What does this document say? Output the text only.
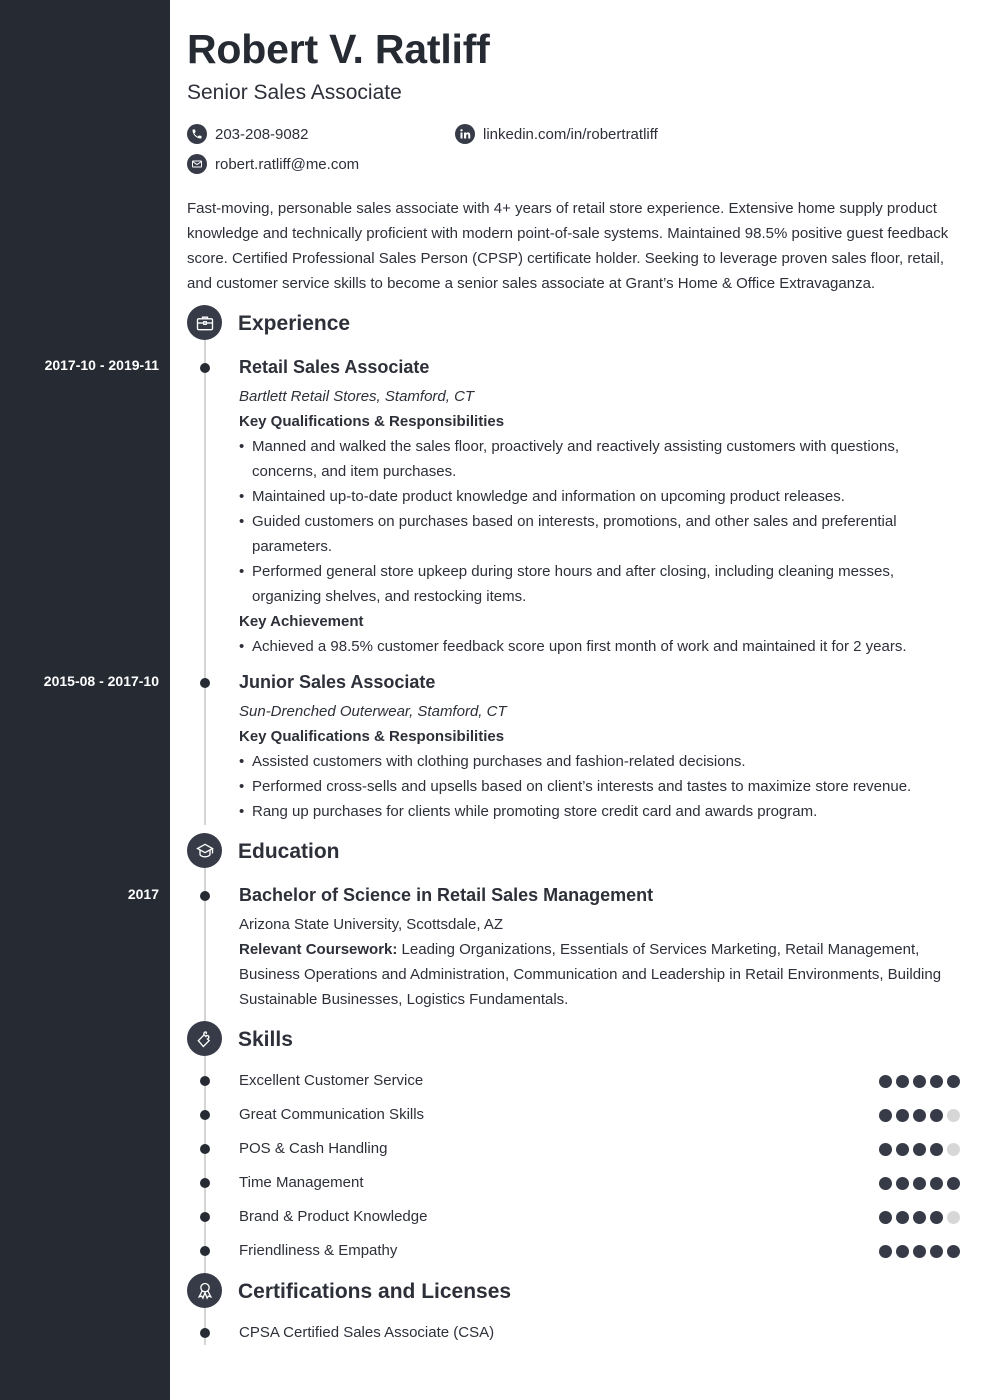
Robert V. Ratliff
Senior Sales Associate
203-208-9082	linkedin.com/in/robertratliff
robert.ratliff@me.com

Fast-moving, personable sales associate with 4+ years of retail store experience. Extensive home supply product knowledge and technically proficient with modern point-of-sale systems. Maintained 98.5% positive guest feedback score. Certified Professional Sales Person (CPSP) certificate holder. Seeking to leverage proven sales floor, retail, and customer service skills to become a senior sales associate at Grant’s Home & Office Extravaganza.

Experience
2017-10 - 2019-11	Retail Sales Associate
Bartlett Retail Stores, Stamford, CT
Key Qualifications & Responsibilities
• Manned and walked the sales floor, proactively and reactively assisting customers with questions, concerns, and item purchases.
• Maintained up-to-date product knowledge and information on upcoming product releases.
• Guided customers on purchases based on interests, promotions, and other sales and preferential parameters.
• Performed general store upkeep during store hours and after closing, including cleaning messes, organizing shelves, and restocking items.
Key Achievement
• Achieved a 98.5% customer feedback score upon first month of work and maintained it for 2 years.
2015-08 - 2017-10	Junior Sales Associate
Sun-Drenched Outerwear, Stamford, CT
Key Qualifications & Responsibilities
• Assisted customers with clothing purchases and fashion-related decisions.
• Performed cross-sells and upsells based on client’s interests and tastes to maximize store revenue.
• Rang up purchases for clients while promoting store credit card and awards program.
Education
2017	Bachelor of Science in Retail Sales Management
Arizona State University, Scottsdale, AZ

Relevant Coursework: Leading Organizations, Essentials of Services Marketing, Retail Management, Business Operations and Administration, Communication and Leadership in Retail Environments, Building Sustainable Businesses, Logistics Fundamentals.

Skills
Excellent Customer Service
Great Communication Skills
POS & Cash Handling
Time Management
Brand & Product Knowledge
Friendliness & Empathy
Certifications and Licenses
CPSA Certified Sales Associate (CSA)
